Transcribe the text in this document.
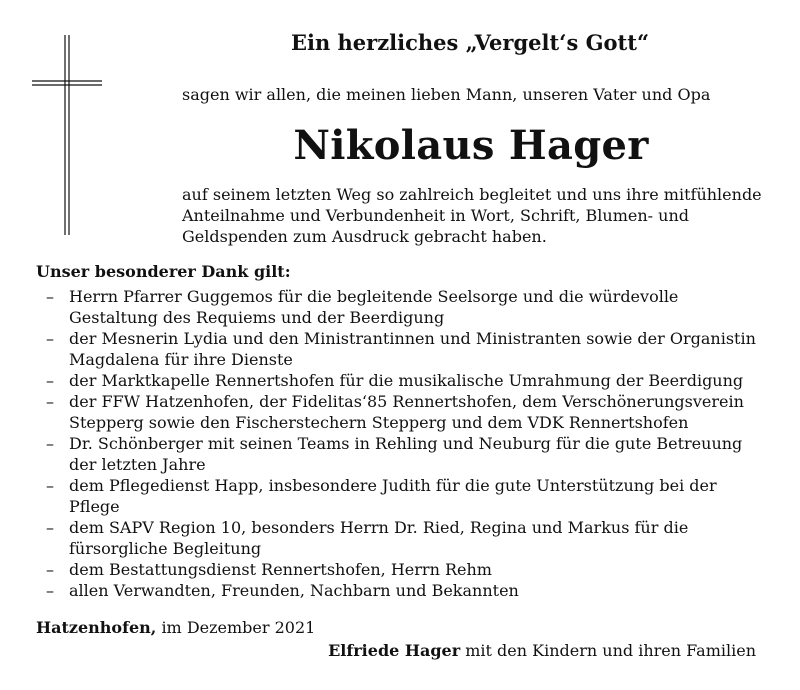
Ein herzliches „Vergelt‘s Gott“
sagen wir allen, die meinen lieben Mann, unseren Vater und Opa
Nikolaus Hager
auf seinem letzten Weg so zahlreich begleitet und uns ihre mitfühlende
Anteilnahme und Verbundenheit in Wort, Schrift, Blumen- und
Geldspenden zum Ausdruck gebracht haben.
Unser besonderer Dank gilt:
– Herrn Pfarrer Guggemos für die begleitende Seelsorge und die würdevolle
Gestaltung des Requiems und der Beerdigung
– der Mesnerin Lydia und den Ministrantinnen und Ministranten sowie der Organistin
Magdalena für ihre Dienste
– der Marktkapelle Rennertshofen für die musikalische Umrahmung der Beerdigung
– der FFW Hatzenhofen, der Fidelitas‘85 Rennertshofen, dem Verschönerungsverein
Stepperg sowie den Fischerstechern Stepperg und dem VDK Rennertshofen
– Dr. Schönberger mit seinen Teams in Rehling und Neuburg für die gute Betreuung
der letzten Jahre
– dem Pflegedienst Happ, insbesondere Judith für die gute Unterstützung bei der
Pflege
– dem SAPV Region 10, besonders Herrn Dr. Ried, Regina und Markus für die
fürsorgliche Begleitung
– dem Bestattungsdienst Rennertshofen, Herrn Rehm
– allen Verwandten, Freunden, Nachbarn und Bekannten
Hatzenhofen, im Dezember 2021
Elfriede Hager mit den Kindern und ihren Familien
